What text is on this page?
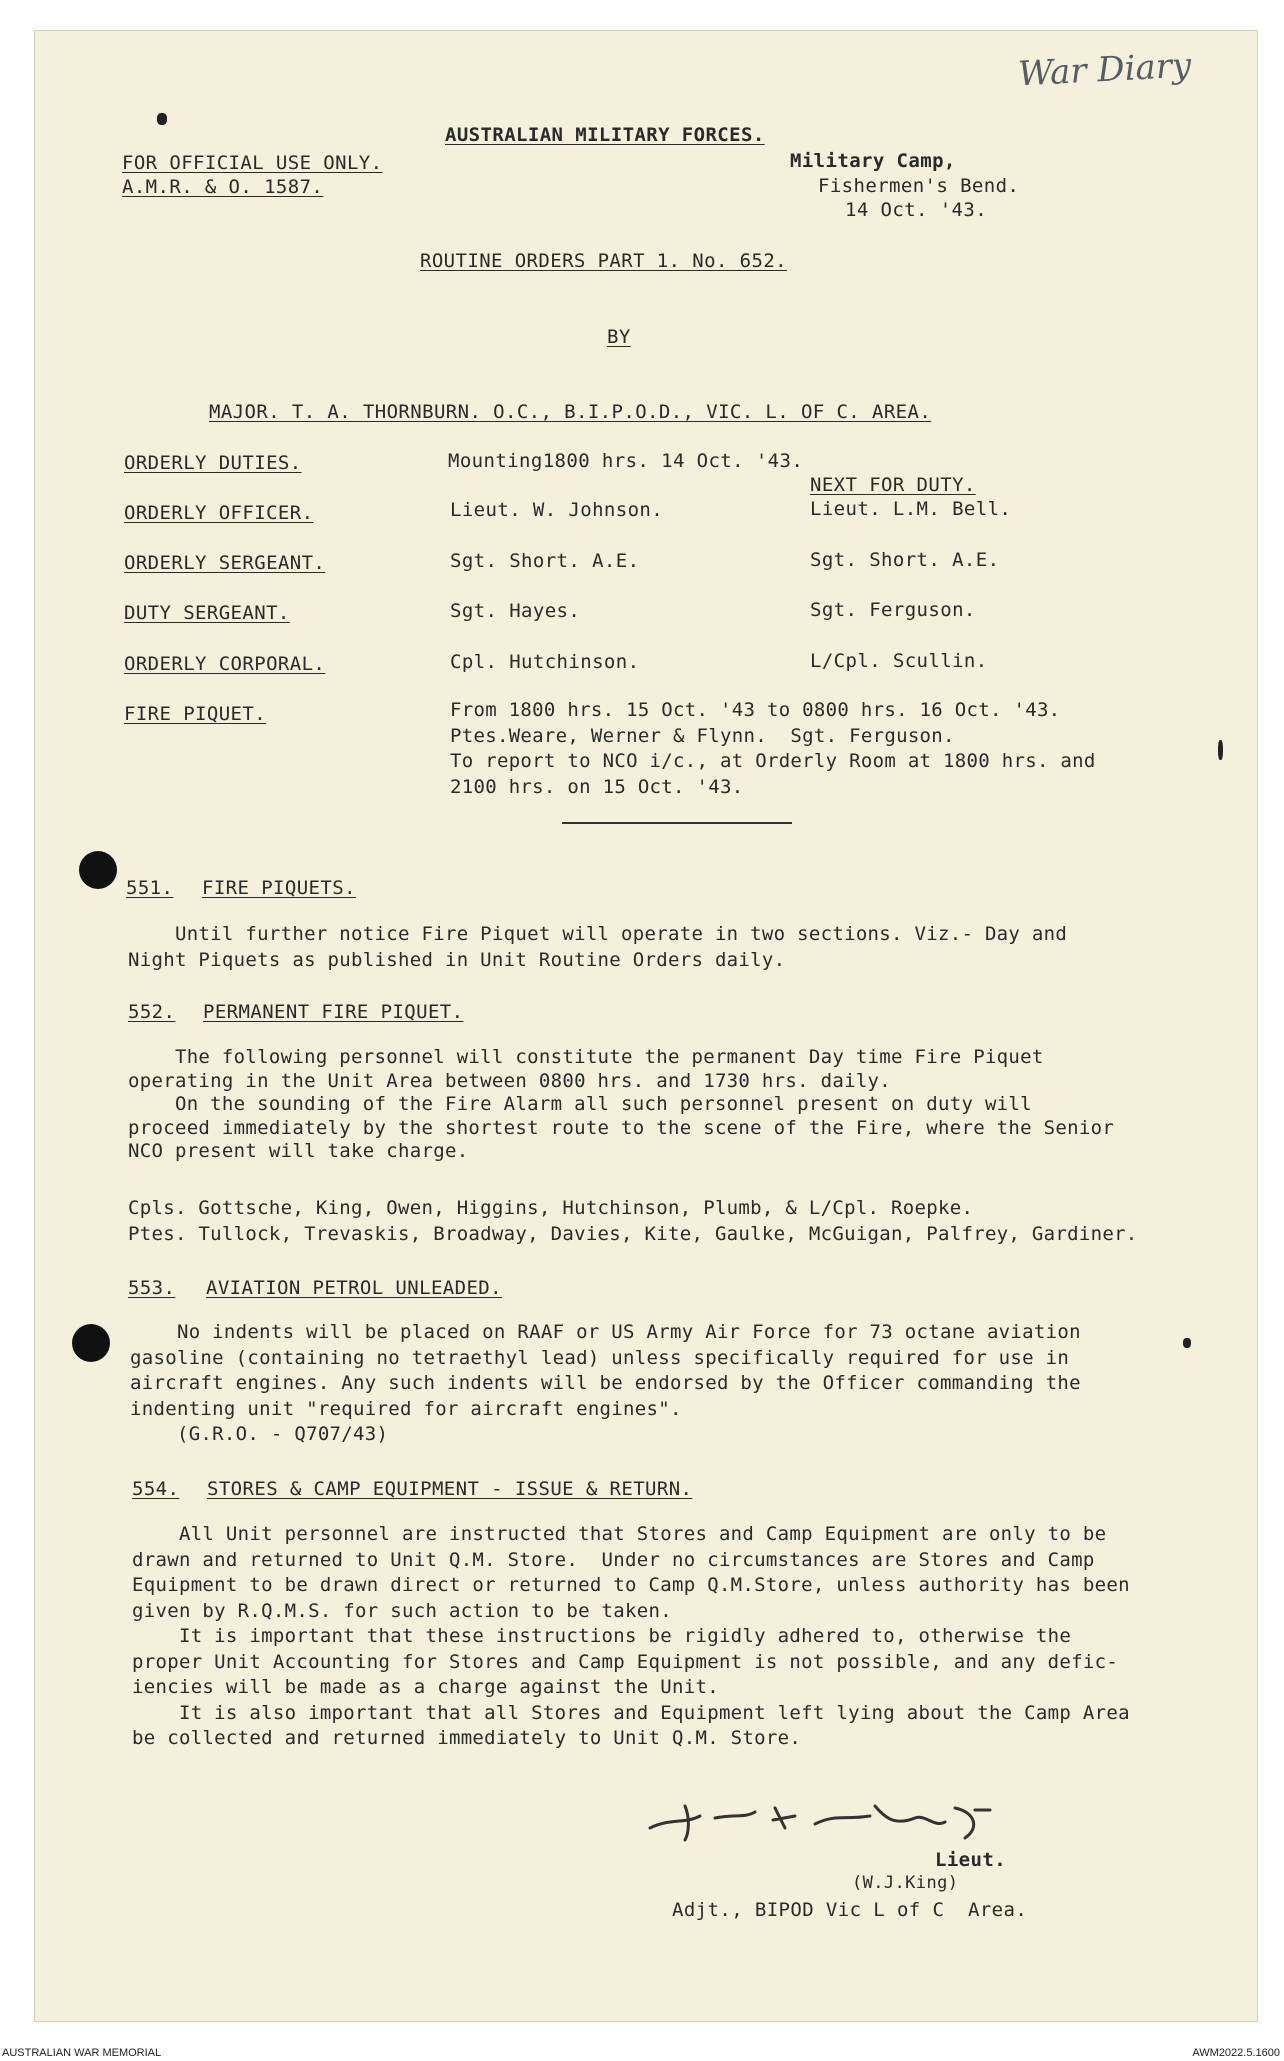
War Diary
AUSTRALIAN MILITARY FORCES.
FOR OFFICIAL USE ONLY.
A.M.R. & O. 1587.
Military Camp,
Fishermen's Bend.
14 Oct. '43.
ROUTINE ORDERS PART 1. No. 652.
BY
MAJOR. T. A. THORNBURN. O.C., B.I.P.O.D., VIC. L. OF C. AREA.
ORDERLY DUTIES.	Mounting1800 hrs. 14 Oct. '43.
NEXT FOR DUTY.
ORDERLY OFFICER.	Lieut. W. Johnson.	Lieut. L.M. Bell.
ORDERLY SERGEANT.	Sgt. Short. A.E.	Sgt. Short. A.E.
DUTY SERGEANT.	Sgt. Hayes.	Sgt. Ferguson.
ORDERLY CORPORAL.	Cpl. Hutchinson.	L/Cpl. Scullin.
FIRE PIQUET.	From 1800 hrs. 15 Oct. '43 to 0800 hrs. 16 Oct. '43.
Ptes.Weare, Werner & Flynn.  Sgt. Ferguson.
To report to NCO i/c., at Orderly Room at 1800 hrs. and
2100 hrs. on 15 Oct. '43.
551. FIRE PIQUETS.
Until further notice Fire Piquet will operate in two sections. Viz.- Day and
Night Piquets as published in Unit Routine Orders daily.
552. PERMANENT FIRE PIQUET.
The following personnel will constitute the permanent Day time Fire Piquet
operating in the Unit Area between 0800 hrs. and 1730 hrs. daily.
On the sounding of the Fire Alarm all such personnel present on duty will
proceed immediately by the shortest route to the scene of the Fire, where the Senior
NCO present will take charge.
Cpls. Gottsche, King, Owen, Higgins, Hutchinson, Plumb, & L/Cpl. Roepke.
Ptes. Tullock, Trevaskis, Broadway, Davies, Kite, Gaulke, McGuigan, Palfrey, Gardiner.
553. AVIATION PETROL UNLEADED.
No indents will be placed on RAAF or US Army Air Force for 73 octane aviation
gasoline (containing no tetraethyl lead) unless specifically required for use in
aircraft engines. Any such indents will be endorsed by the Officer commanding the
indenting unit "required for aircraft engines".
(G.R.O. - Q707/43)
554. STORES & CAMP EQUIPMENT - ISSUE & RETURN.
All Unit personnel are instructed that Stores and Camp Equipment are only to be
drawn and returned to Unit Q.M. Store.  Under no circumstances are Stores and Camp
Equipment to be drawn direct or returned to Camp Q.M.Store, unless authority has been
given by R.Q.M.S. for such action to be taken.
It is important that these instructions be rigidly adhered to, otherwise the
proper Unit Accounting for Stores and Camp Equipment is not possible, and any defic-
iencies will be made as a charge against the Unit.
It is also important that all Stores and Equipment left lying about the Camp Area
be collected and returned immediately to Unit Q.M. Store.
Lieut.
(W.J.King)
Adjt., BIPOD Vic L of C  Area.
AUSTRALIAN WAR MEMORIAL	AWM2022.5.1600
